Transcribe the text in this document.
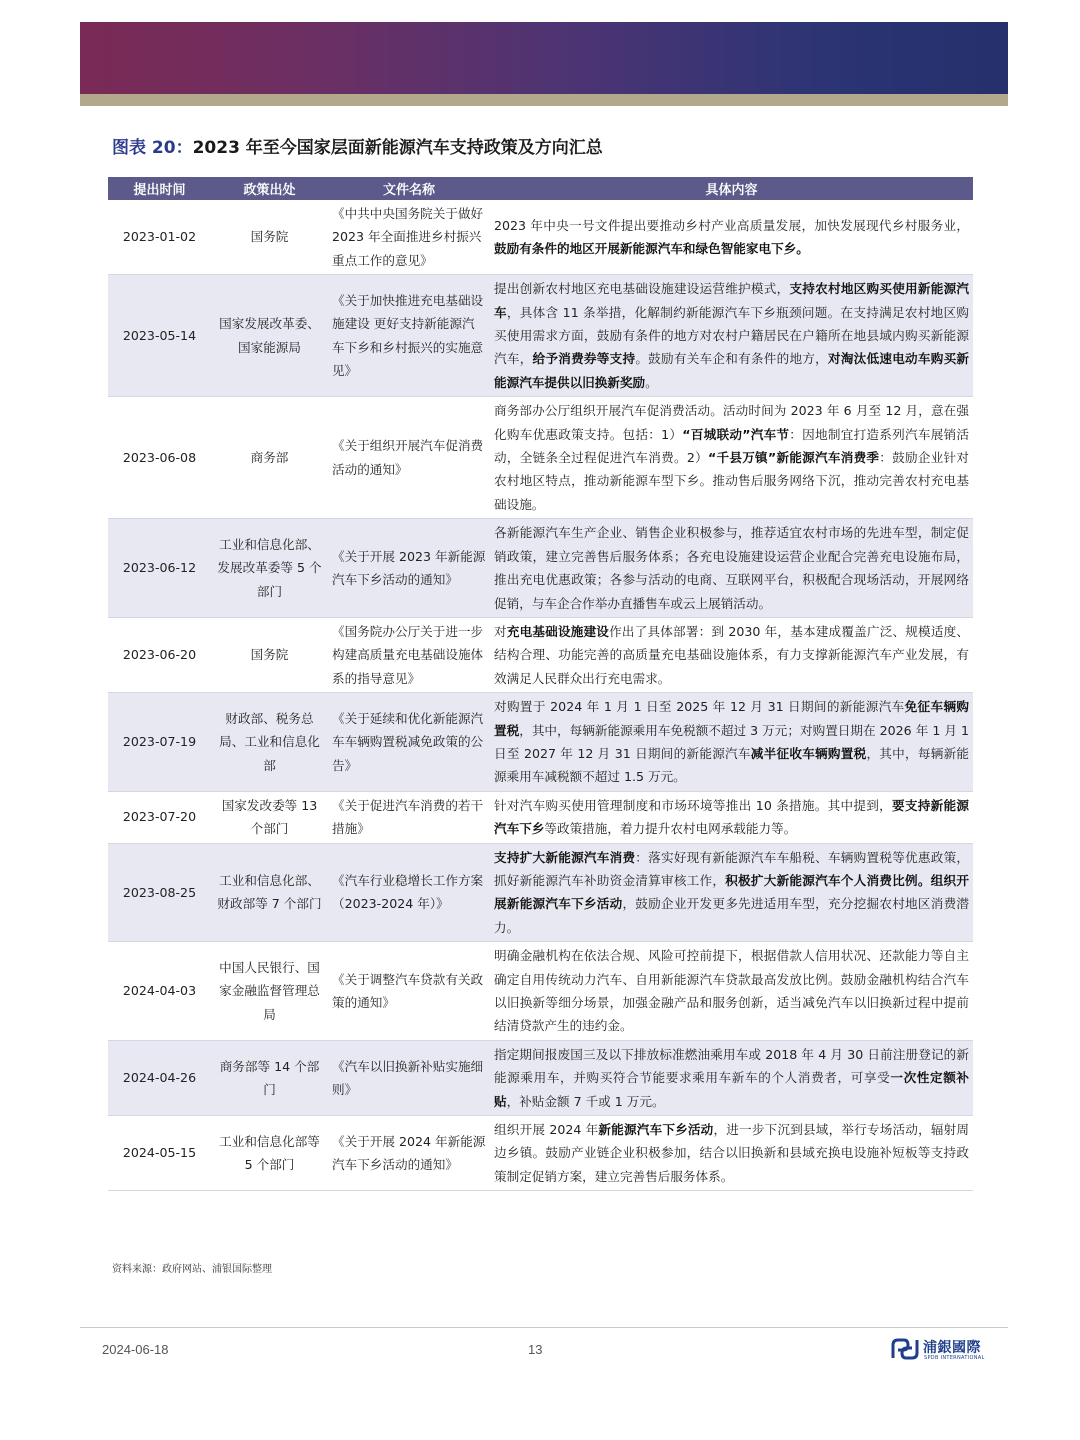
图表 20：2023 年至今国家层面新能源汽车支持政策及方向汇总
提出时间	政策出处	文件名称	具体内容
2023-01-02	国务院	《中共中央国务院关于做好 2023 年全面推进乡村振兴重点工作的意见》	2023 年中央一号文件提出要推动乡村产业高质量发展，加快发展现代乡村服务业，鼓励有条件的地区开展新能源汽车和绿色智能家电下乡。
2023-05-14	国家发展改革委、国家能源局	《关于加快推进充电基础设施建设 更好支持新能源汽车下乡和乡村振兴的实施意见》	提出创新农村地区充电基础设施建设运营维护模式，支持农村地区购买使用新能源汽车，具体含 11 条举措，化解制约新能源汽车下乡瓶颈问题。在支持满足农村地区购买使用需求方面，鼓励有条件的地方对农村户籍居民在户籍所在地县域内购买新能源汽车，给予消费券等支持。鼓励有关车企和有条件的地方，对淘汰低速电动车购买新能源汽车提供以旧换新奖励。
2023-06-08	商务部	《关于组织开展汽车促消费活动的通知》	商务部办公厅组织开展汽车促消费活动。活动时间为 2023 年 6 月至 12 月，意在强化购车优惠政策支持。包括：1）“百城联动”汽车节：因地制宜打造系列汽车展销活动，全链条全过程促进汽车消费。2）“千县万镇”新能源汽车消费季：鼓励企业针对农村地区特点，推动新能源车型下乡。推动售后服务网络下沉，推动完善农村充电基础设施。
2023-06-12	工业和信息化部、发展改革委等 5 个部门	《关于开展 2023 年新能源汽车下乡活动的通知》	各新能源汽车生产企业、销售企业积极参与，推荐适宜农村市场的先进车型，制定促销政策，建立完善售后服务体系；各充电设施建设运营企业配合完善充电设施布局，推出充电优惠政策；各参与活动的电商、互联网平台，积极配合现场活动，开展网络促销，与车企合作举办直播售车或云上展销活动。
2023-06-20	国务院	《国务院办公厅关于进一步构建高质量充电基础设施体系的指导意见》	对充电基础设施建设作出了具体部署：到 2030 年，基本建成覆盖广泛、规模适度、结构合理、功能完善的高质量充电基础设施体系，有力支撑新能源汽车产业发展，有效满足人民群众出行充电需求。
2023-07-19	财政部、税务总局、工业和信息化部	《关于延续和优化新能源汽车车辆购置税减免政策的公告》	对购置于 2024 年 1 月 1 日至 2025 年 12 月 31 日期间的新能源汽车免征车辆购置税，其中，每辆新能源乘用车免税额不超过 3 万元；对购置日期在 2026 年 1 月 1 日至 2027 年 12 月 31 日期间的新能源汽车减半征收车辆购置税，其中，每辆新能源乘用车减税额不超过 1.5 万元。
2023-07-20	国家发改委等 13 个部门	《关于促进汽车消费的若干措施》	针对汽车购买使用管理制度和市场环境等推出 10 条措施。其中提到，要支持新能源汽车下乡等政策措施，着力提升农村电网承载能力等。
2023-08-25	工业和信息化部、财政部等 7 个部门	《汽车行业稳增长工作方案（2023-2024 年）》	支持扩大新能源汽车消费：落实好现有新能源汽车车船税、车辆购置税等优惠政策，抓好新能源汽车补助资金清算审核工作，积极扩大新能源汽车个人消费比例。组织开展新能源汽车下乡活动，鼓励企业开发更多先进适用车型，充分挖掘农村地区消费潜力。
2024-04-03	中国人民银行、国家金融监督管理总局	《关于调整汽车贷款有关政策的通知》	明确金融机构在依法合规、风险可控前提下，根据借款人信用状况、还款能力等自主确定自用传统动力汽车、自用新能源汽车贷款最高发放比例。鼓励金融机构结合汽车以旧换新等细分场景，加强金融产品和服务创新，适当减免汽车以旧换新过程中提前结清贷款产生的违约金。
2024-04-26	商务部等 14 个部门	《汽车以旧换新补贴实施细则》	指定期间报废国三及以下排放标准燃油乘用车或 2018 年 4 月 30 日前注册登记的新能源乘用车，并购买符合节能要求乘用车新车的个人消费者，可享受一次性定额补贴，补贴金额 7 千或 1 万元。
2024-05-15	工业和信息化部等 5 个部门	《关于开展 2024 年新能源汽车下乡活动的通知》	组织开展 2024 年新能源汽车下乡活动，进一步下沉到县域，举行专场活动，辐射周边乡镇。鼓励产业链企业积极参加，结合以旧换新和县域充换电设施补短板等支持政策制定促销方案，建立完善售后服务体系。
资料来源：政府网站、浦银国际整理
2024-06-18	13	浦銀國際
SPDB INTERNATIONAL
